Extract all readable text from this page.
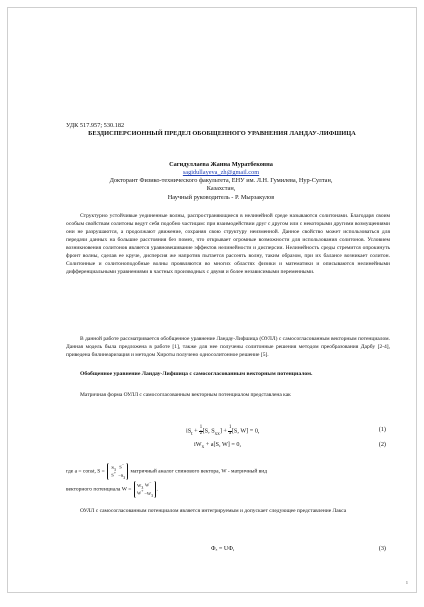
УДК 517.957; 530.182
БЕЗДИСПЕРСИОННЫЙ ПРЕДЕЛ ОБОБЩЕННОГО УРАВНЕНИЯ ЛАНДАУ-ЛИФШИЦА
Сагидуллаева Жанна Муратбековна
sagidullayeva_zh@gmail.com
Докторант Физико-технического факультета, ЕНУ им. Л.Н. Гумилева, Нур-Султан,
Казахстан,
Научный руководитель - Р. Мырзакулов
Структурно устойчивые уединенные волны, распространяющиеся в нелинейной среде называются солитонами. Благодаря своим особым свойствам солитоны ведут себя подобно частицам: при взаимодействии друг с другом или с некоторыми другими возмущениями они не разрушаются, а продолжают движение, сохраняя свою структуру неизменной. Данное свойство может использоваться для передачи данных на большие расстояния без помех, что открывает огромные возможности для использования солитонов. Условием возникновения солитонов является уравновешивание эффектов нелинейности и дисперсии. Нелинейность среды стремится опрокинуть фронт волны, сделав ее круче, дисперсия же напротив пытается рассеять волну, таким образом, при их балансе возникает солитон. Солитонные и солитоноподобные волны проявляются во многих областях физики и математики и описываются нелинейными дифференциальными уравнениями в частных производных с двумя и более независимыми переменными.
В данной работе рассматривается обобщенное уравнение Ландау-Лифшица (ОУЛЛ) с самосогласованным векторным потенциалом. Данная модель была предложена в работе [1], также для нее получены солитонные решения методом преобразования Дарбу [2-4], приведена билинеаризация и методом Хироты получено односолитонное решение [5].
Обобщенное уравнение Ландау-Лифшица с самосогласованным векторным потенциалом.
Матричная форма ОУЛЛ с самосогласованным векторным потенциалом представлена как
$iS_t + \frac{1}{2} [S$, $S_{xx}] + \frac{1}{a} [S$, W] = 0,	(1)
$iW_x + a[S$, W] = 0,	(2)
где a = const, $S = S_3$ S−
$S^+ -S_3$ матричный аналог спинового вектора, W - матричный вид
векторного потенциала $W = W_3$ W−
$W^+-W_3$.
ОУЛЛ с самосогласованным потенциалом является интегрируемым и допускает следующее представление Лакса
Φₓ = UΦ,	(3)
1
